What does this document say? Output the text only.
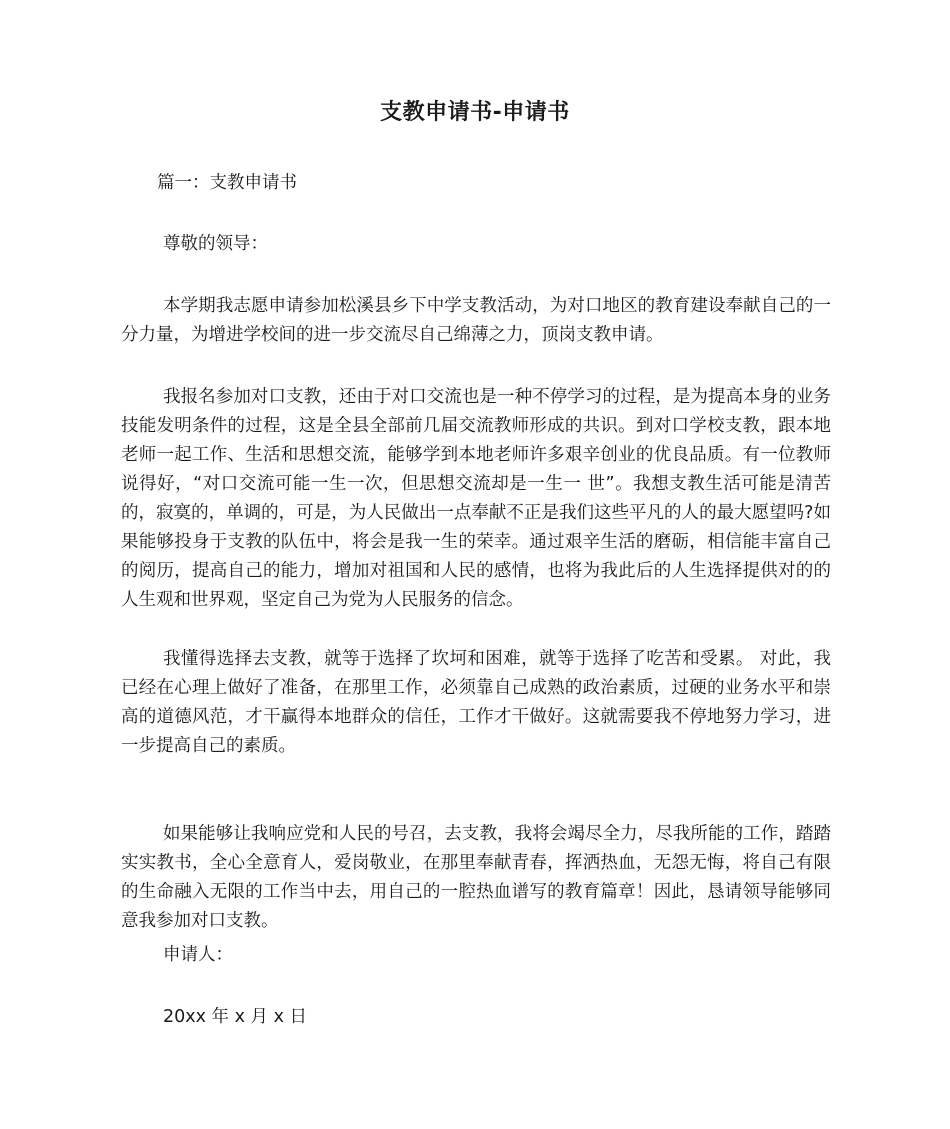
支教申请书-申请书
篇一：支教申请书
尊敬的领导：

本学期我志愿申请参加松溪县乡下中学支教活动，为对口地区的教育建设奉献自己的一分力量，为增进学校间的进一步交流尽自己绵薄之力，顶岗支教申请。

我报名参加对口支教，还由于对口交流也是一种不停学习的过程，是为提高本身的业务技能发明条件的过程，这是全县全部前几届交流教师形成的共识。到对口学校支教，跟本地老师一起工作、生活和思想交流，能够学到本地老师许多艰辛创业的优良品质。有一位教师说得好，“对口交流可能一生一次，但思想交流却是一生一 世”。我想支教生活可能是清苦的，寂寞的，单调的，可是，为人民做出一点奉献不正是我们这些平凡的人的最大愿望吗?如果能够投身于支教的队伍中，将会是我一生的荣幸。通过艰辛生活的磨砺，相信能丰富自己的阅历，提高自己的能力，增加对祖国和人民的感情，也将为我此后的人生选择提供对的的人生观和世界观，坚定自己为党为人民服务的信念。

我懂得选择去支教，就等于选择了坎坷和困难，就等于选择了吃苦和受累。 对此，我已经在心理上做好了准备，在那里工作，必须靠自己成熟的政治素质，过硬的业务水平和崇高的道德风范，才干赢得本地群众的信任，工作才干做好。这就需要我不停地努力学习，进一步提高自己的素质。

如果能够让我响应党和人民的号召，去支教，我将会竭尽全力，尽我所能的工作，踏踏实实教书，全心全意育人，爱岗敬业，在那里奉献青春，挥洒热血，无怨无悔，将自己有限的生命融入无限的工作当中去，用自己的一腔热血谱写的教育篇章！因此，恳请领导能够同意我参加对口支教。

申请人：
20xx 年 x 月 x 日
